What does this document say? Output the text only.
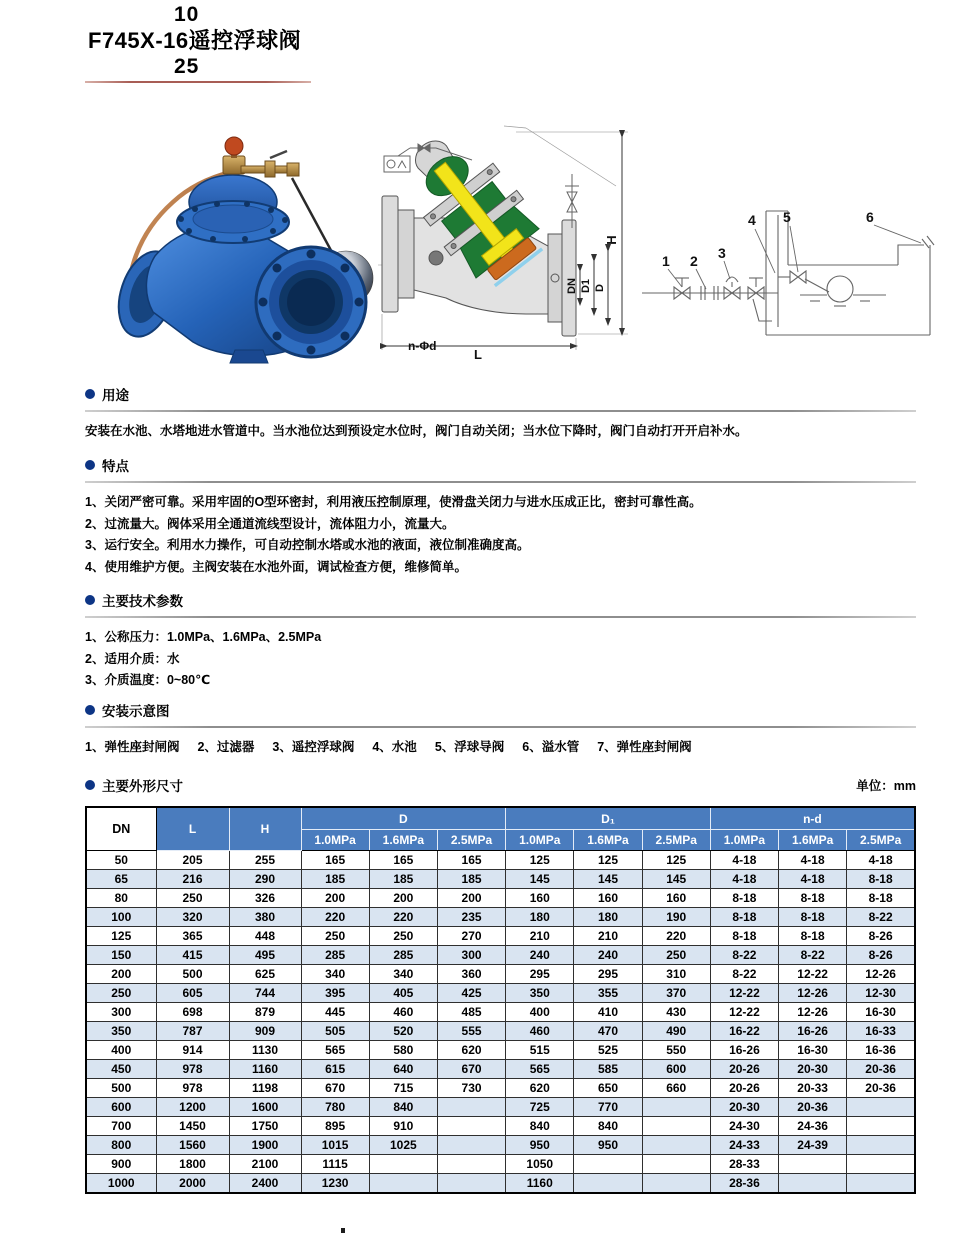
10
F745X-16遥控浮球阀
25
H
D
D1
DN
L
n-Φd
1 2 3
4 5	6
用途
安装在水池、水塔地进水管道中。当水池位达到预设定水位时，阀门自动关闭；当水位下降时，阀门自动打开开启补水。
特点
1、关闭严密可靠。采用牢固的O型环密封，利用液压控制原理，使滑盘关闭力与进水压成正比，密封可靠性高。
2、过流量大。阀体采用全通道流线型设计，流体阻力小，流量大。
3、运行安全。利用水力操作，可自动控制水塔或水池的液面，液位制准确度高。
4、使用维护方便。主阀安装在水池外面，调试检查方便，维修简单。
主要技术参数
1、公称压力：1.0MPa、1.6MPa、2.5MPa
2、适用介质：水
3、介质温度：0~80℃
安装示意图
1、弹性座封闸阀 2、过滤器 3、遥控浮球阀 4、水池 5、浮球导阀 6、溢水管 7、弹性座封闸阀
主要外形尺寸	单位：mm
DN	L	H	D			D₁			n-d		
			1.0MPa	1.6MPa	2.5MPa	1.0MPa	1.6MPa	2.5MPa	1.0MPa	1.6MPa	2.5MPa
50	205	255	165	165	165	125	125	125	4-18	4-18	4-18
65	216	290	185	185	185	145	145	145	4-18	4-18	8-18
80	250	326	200	200	200	160	160	160	8-18	8-18	8-18
100	320	380	220	220	235	180	180	190	8-18	8-18	8-22
125	365	448	250	250	270	210	210	220	8-18	8-18	8-26
150	415	495	285	285	300	240	240	250	8-22	8-22	8-26
200	500	625	340	340	360	295	295	310	8-22	12-22	12-26
250	605	744	395	405	425	350	355	370	12-22	12-26	12-30
300	698	879	445	460	485	400	410	430	12-22	12-26	16-30
350	787	909	505	520	555	460	470	490	16-22	16-26	16-33
400	914	1130	565	580	620	515	525	550	16-26	16-30	16-36
450	978	1160	615	640	670	565	585	600	20-26	20-30	20-36
500	978	1198	670	715	730	620	650	660	20-26	20-33	20-36
600	1200	1600	780	840		725	770		20-30	20-36	
700	1450	1750	895	910		840	840		24-30	24-36	
800	1560	1900	1015	1025		950	950		24-33	24-39	
900	1800	2100	1115			1050			28-33		
1000	2000	2400	1230			1160			28-36		
